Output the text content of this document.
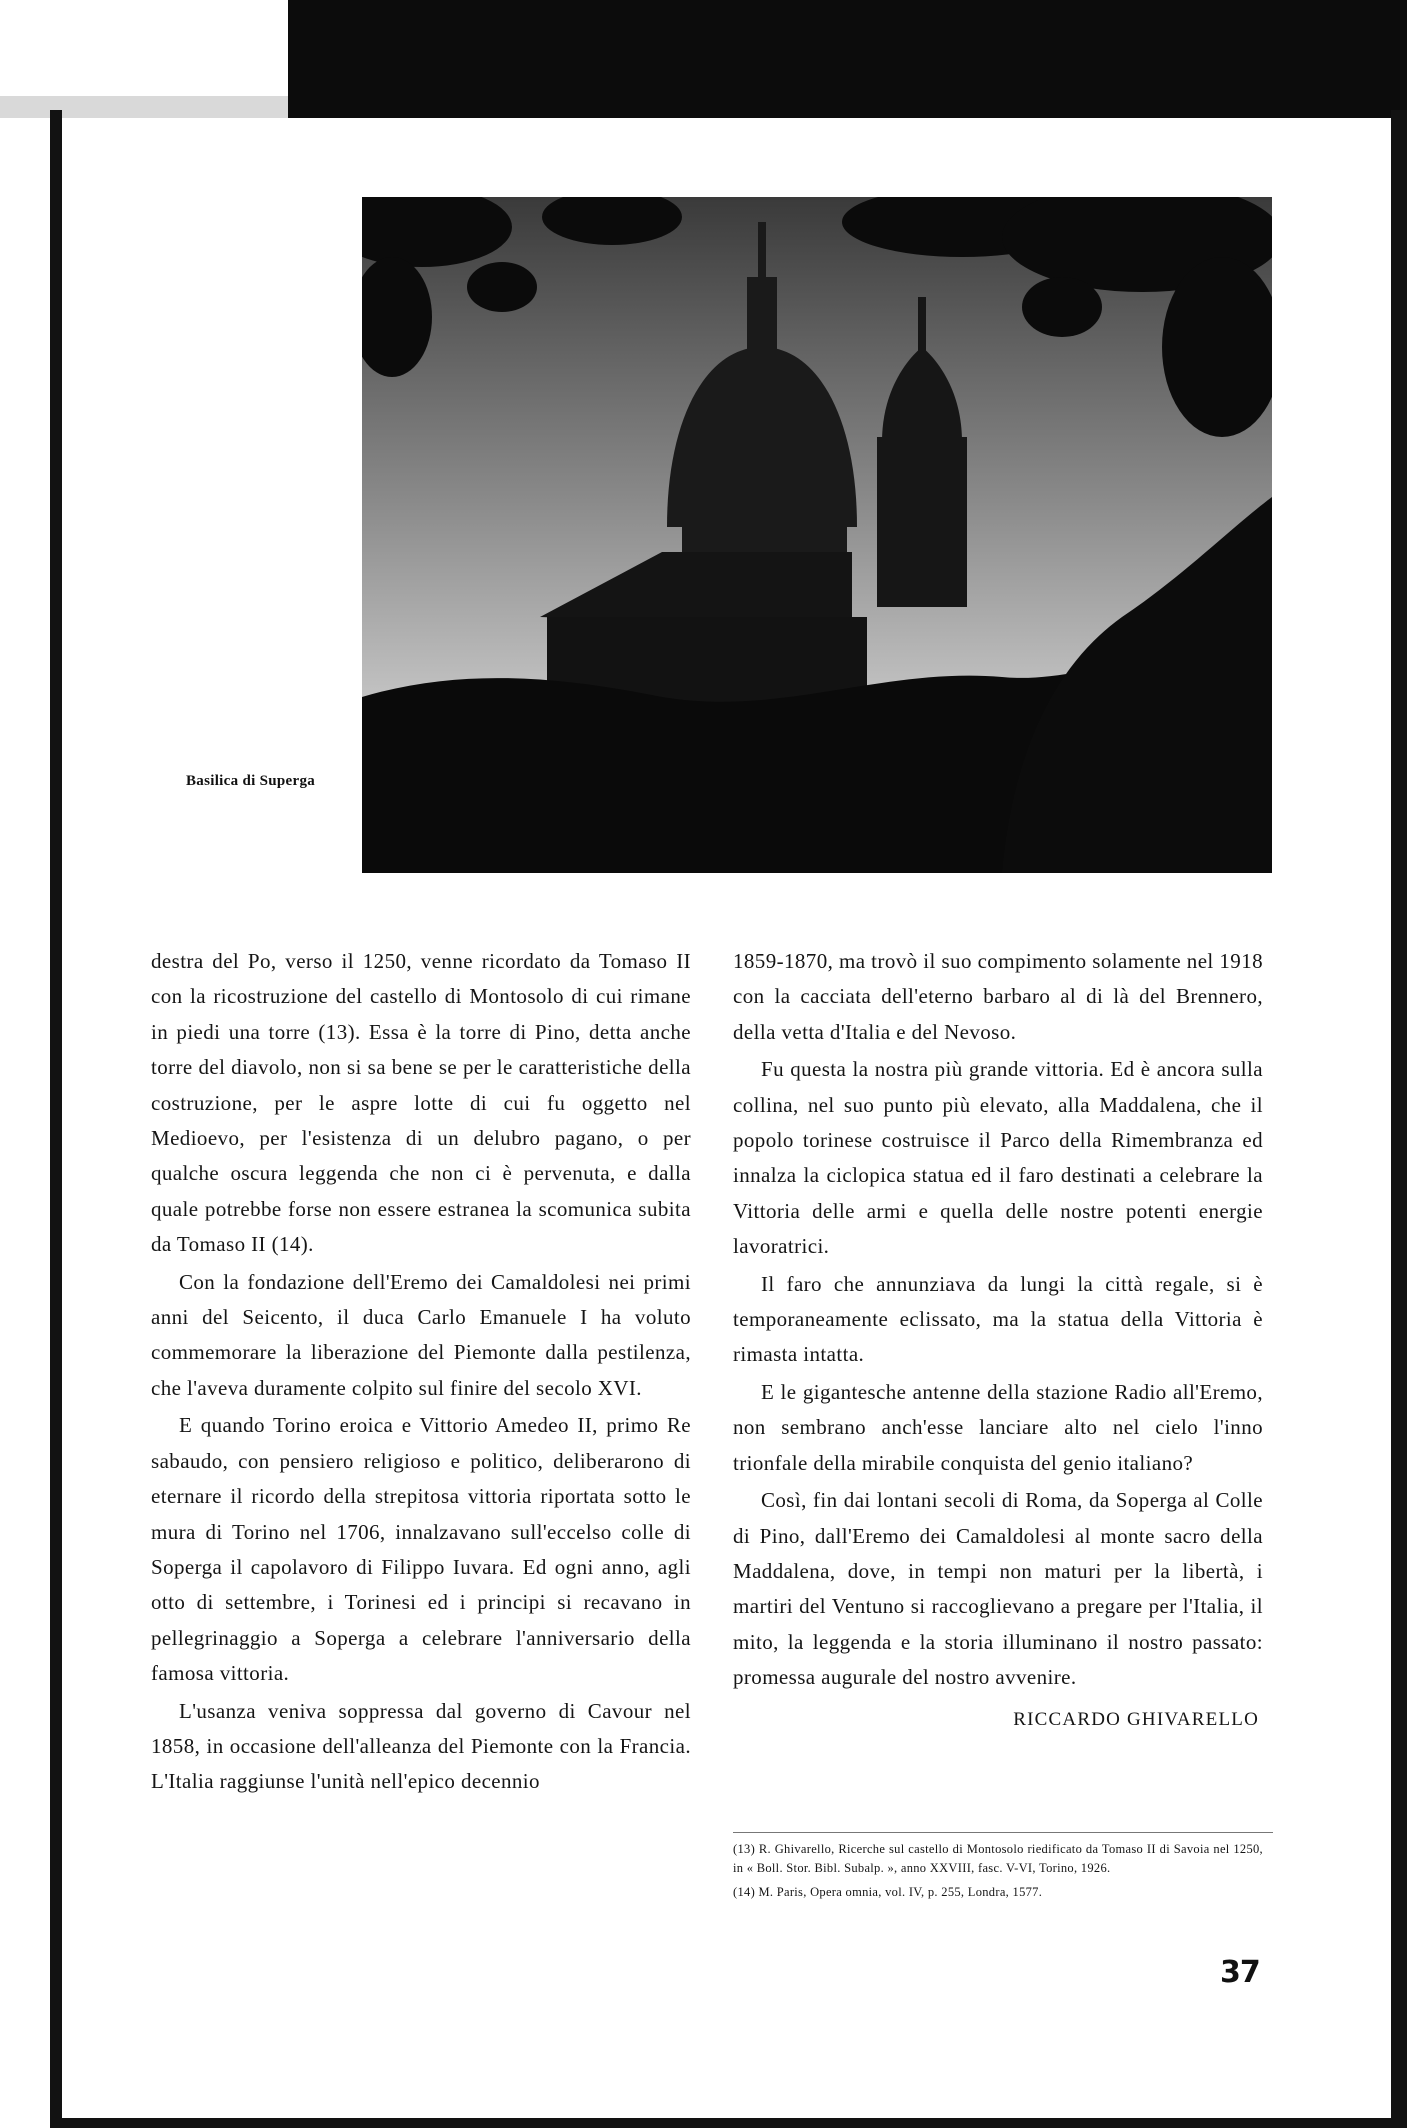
Basilica di Superga

destra del Po, verso il 1250, venne ricordato da Tomaso II con la ricostruzione del castello di Montosolo di cui rimane in piedi una torre (13). Essa è la torre di Pino, detta anche torre del diavolo, non si sa bene se per le caratteristiche della costruzione, per le aspre lotte di cui fu oggetto nel Medioevo, per l'esistenza di un delubro pagano, o per qualche oscura leggenda che non ci è pervenuta, e dalla quale potrebbe forse non essere estranea la scomunica subita da Tomaso II (14).

Con la fondazione dell'Eremo dei Camaldolesi nei primi anni del Seicento, il duca Carlo Emanuele I ha voluto commemorare la liberazione del Piemonte dalla pestilenza, che l'aveva duramente colpito sul finire del secolo XVI.

E quando Torino eroica e Vittorio Amedeo II, primo Re sabaudo, con pensiero religioso e politico, deliberarono di eternare il ricordo della strepitosa vittoria riportata sotto le mura di Torino nel 1706, innalzavano sull'eccelso colle di Soperga il capolavoro di Filippo Iuvara. Ed ogni anno, agli otto di settembre, i Torinesi ed i principi si recavano in pellegrinaggio a Soperga a celebrare l'anniversario della famosa vittoria.

L'usanza veniva soppressa dal governo di Cavour nel 1858, in occasione dell'alleanza del Piemonte con la Francia. L'Italia raggiunse l'unità nell'epico decennio

1859-1870, ma trovò il suo compimento solamente nel 1918 con la cacciata dell'eterno barbaro al di là del Brennero, della vetta d'Italia e del Nevoso.

Fu questa la nostra più grande vittoria. Ed è ancora sulla collina, nel suo punto più elevato, alla Maddalena, che il popolo torinese costruisce il Parco della Rimembranza ed innalza la ciclopica statua ed il faro destinati a celebrare la Vittoria delle armi e quella delle nostre potenti energie lavoratrici.

Il faro che annunziava da lungi la città regale, si è temporaneamente eclissato, ma la statua della Vittoria è rimasta intatta.

E le gigantesche antenne della stazione Radio all'Eremo, non sembrano anch'esse lanciare alto nel cielo l'inno trionfale della mirabile conquista del genio italiano?

Così, fin dai lontani secoli di Roma, da Soperga al Colle di Pino, dall'Eremo dei Camaldolesi al monte sacro della Maddalena, dove, in tempi non maturi per la libertà, i martiri del Ventuno si raccoglievano a pregare per l'Italia, il mito, la leggenda e la storia illuminano il nostro passato: promessa augurale del nostro avvenire.

RICCARDO GHIVARELLO

(13) R. Ghivarello, Ricerche sul castello di Montosolo riedificato da Tomaso II di Savoia nel 1250, in « Boll. Stor. Bibl. Subalp. », anno XXVIII, fasc. V-VI, Torino, 1926.

(14) M. Paris, Opera omnia, vol. IV, p. 255, Londra, 1577.

37
